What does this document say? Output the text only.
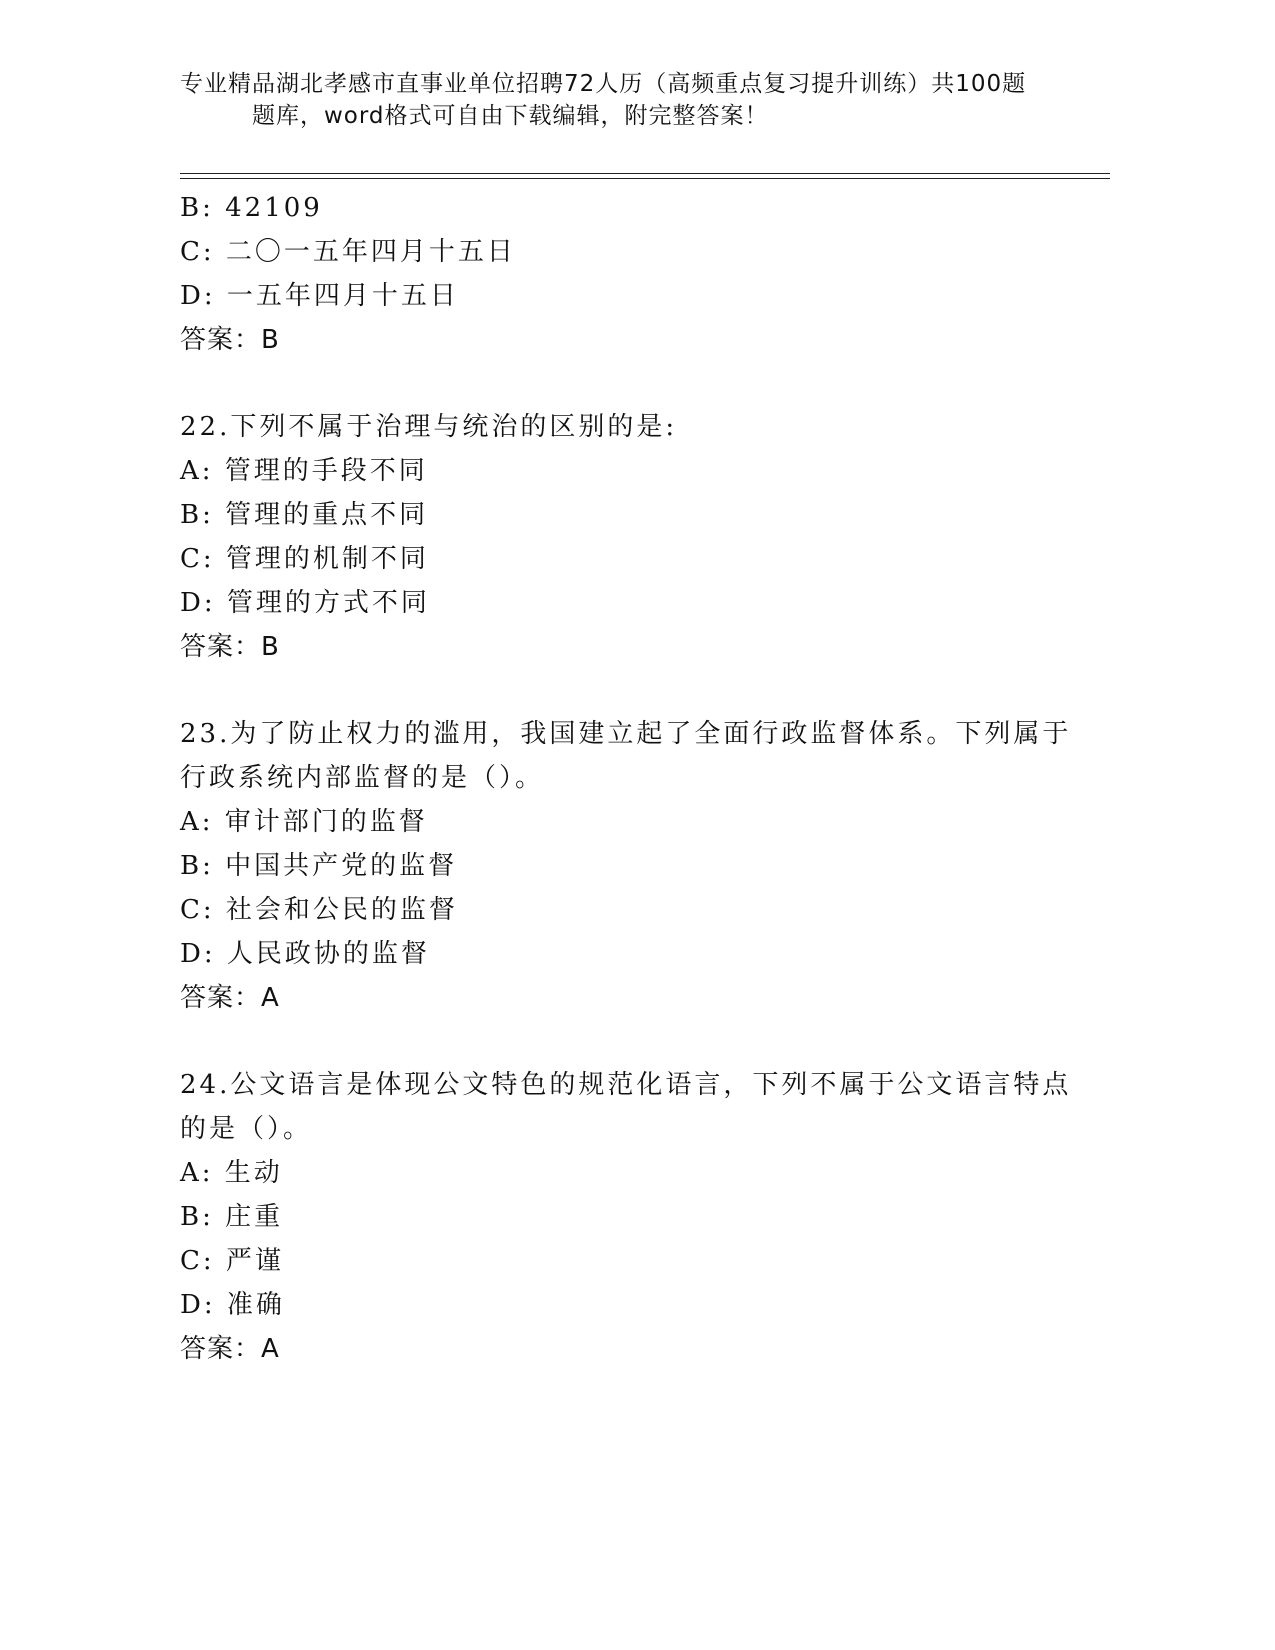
专业精品湖北孝感市直事业单位招聘72人历（高频重点复习提升训练）共100题
题库，word格式可自由下载编辑，附完整答案！
B: 42109
C: 二〇一五年四月十五日
D: 一五年四月十五日
答案：B
22.下列不属于治理与统治的区别的是:
A: 管理的手段不同
B: 管理的重点不同
C: 管理的机制不同
D: 管理的方式不同
答案：B
23.为了防止权力的滥用，我国建立起了全面行政监督体系。下列属于
行政系统内部监督的是（）。
A: 审计部门的监督
B: 中国共产党的监督
C: 社会和公民的监督
D: 人民政协的监督
答案：A
24.公文语言是体现公文特色的规范化语言，下列不属于公文语言特点
的是（）。
A: 生动
B: 庄重
C: 严谨
D: 准确
答案：A
